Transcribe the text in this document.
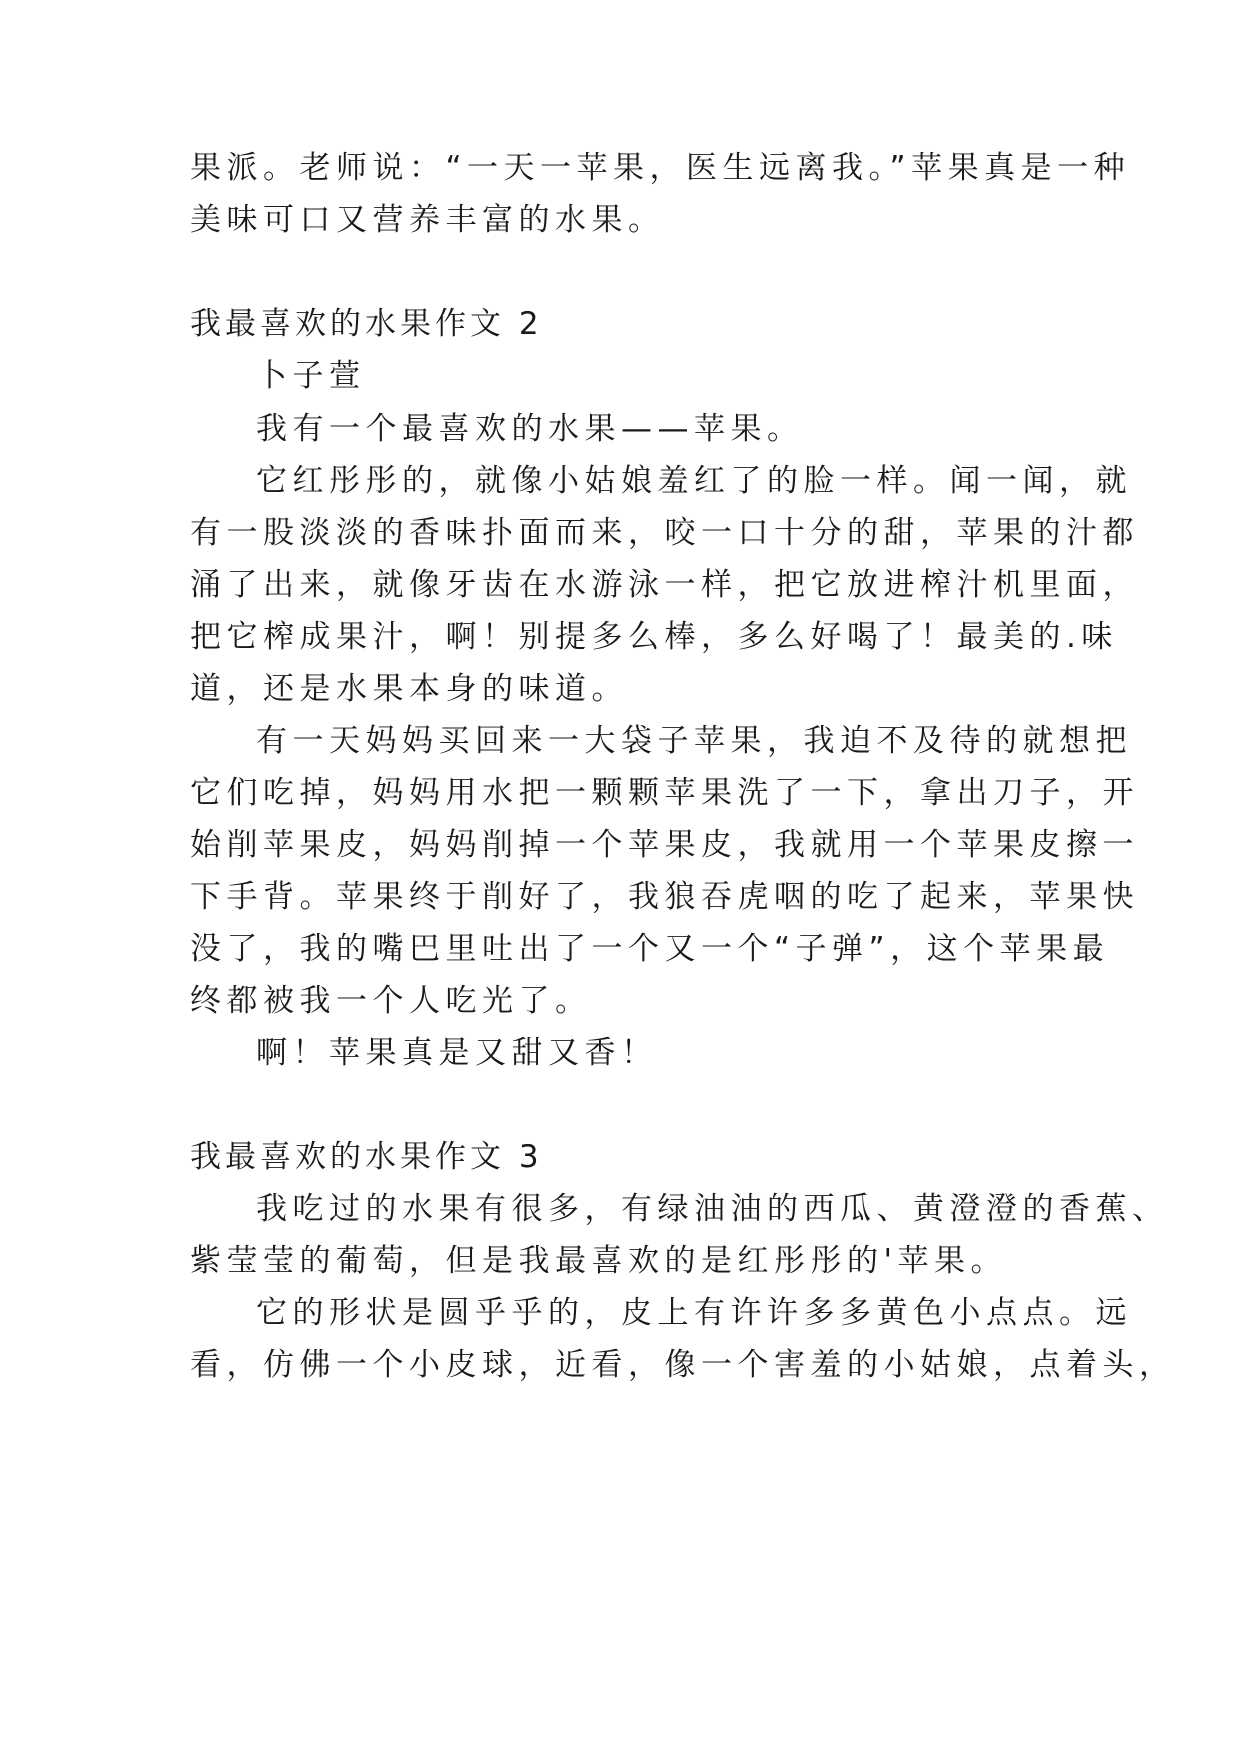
果派。老师说：“一天一苹果，医生远离我。”苹果真是一种
美味可口又营养丰富的水果。
我最喜欢的水果作文 2
卜子萱
我有一个最喜欢的水果——苹果。
它红彤彤的，就像小姑娘羞红了的脸一样。闻一闻，就
有一股淡淡的香味扑面而来，咬一口十分的甜，苹果的汁都
涌了出来，就像牙齿在水游泳一样，把它放进榨汁机里面，
把它榨成果汁，啊！别提多么棒，多么好喝了！最美的.味
道，还是水果本身的味道。
有一天妈妈买回来一大袋子苹果，我迫不及待的就想把
它们吃掉，妈妈用水把一颗颗苹果洗了一下，拿出刀子，开
始削苹果皮，妈妈削掉一个苹果皮，我就用一个苹果皮擦一
下手背。苹果终于削好了，我狼吞虎咽的吃了起来，苹果快
没了，我的嘴巴里吐出了一个又一个“子弹”，这个苹果最
终都被我一个人吃光了。
啊！苹果真是又甜又香！
我最喜欢的水果作文 3
我吃过的水果有很多，有绿油油的西瓜、黄澄澄的香蕉、
紫莹莹的葡萄，但是我最喜欢的是红彤彤的'苹果。
它的形状是圆乎乎的，皮上有许许多多黄色小点点。远
看，仿佛一个小皮球，近看，像一个害羞的小姑娘，点着头，
